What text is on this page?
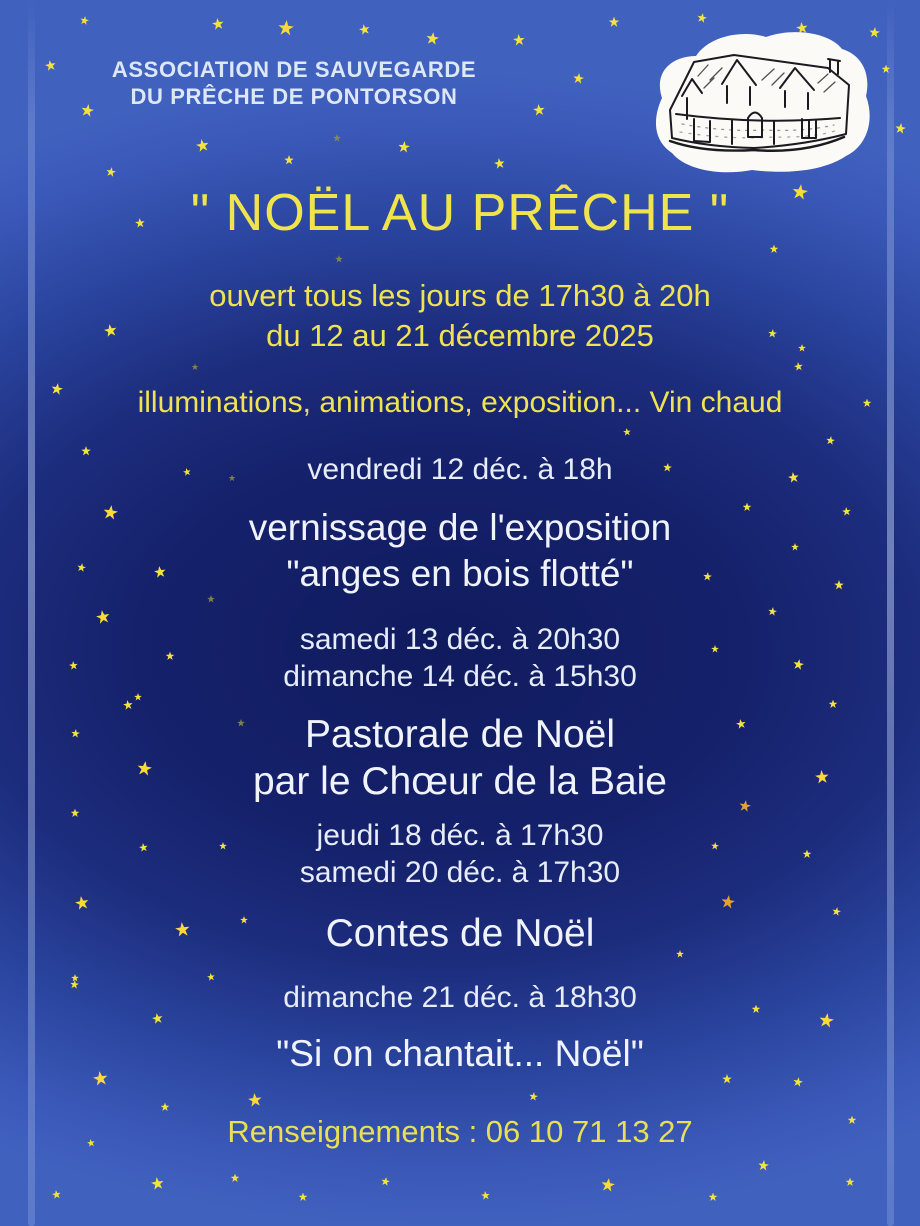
ASSOCIATION DE SAUVEGARDE
DU PRÊCHE DE PONTORSON
" NOËL AU PRÊCHE "
ouvert tous les jours de 17h30 à 20h
du 12 au 21 décembre 2025
illuminations, animations, exposition... Vin chaud
vendredi 12 déc. à 18h
vernissage de l'exposition
"anges en bois flotté"
samedi 13 déc. à 20h30
dimanche 14 déc. à 15h30
Pastorale de Noël
par le Chœur de la Baie
jeudi 18 déc. à 17h30
samedi 20 déc. à 17h30
Contes de Noël
dimanche 21 déc. à 18h30
"Si on chantait... Noël"
Renseignements : 06 10 71 13 27
